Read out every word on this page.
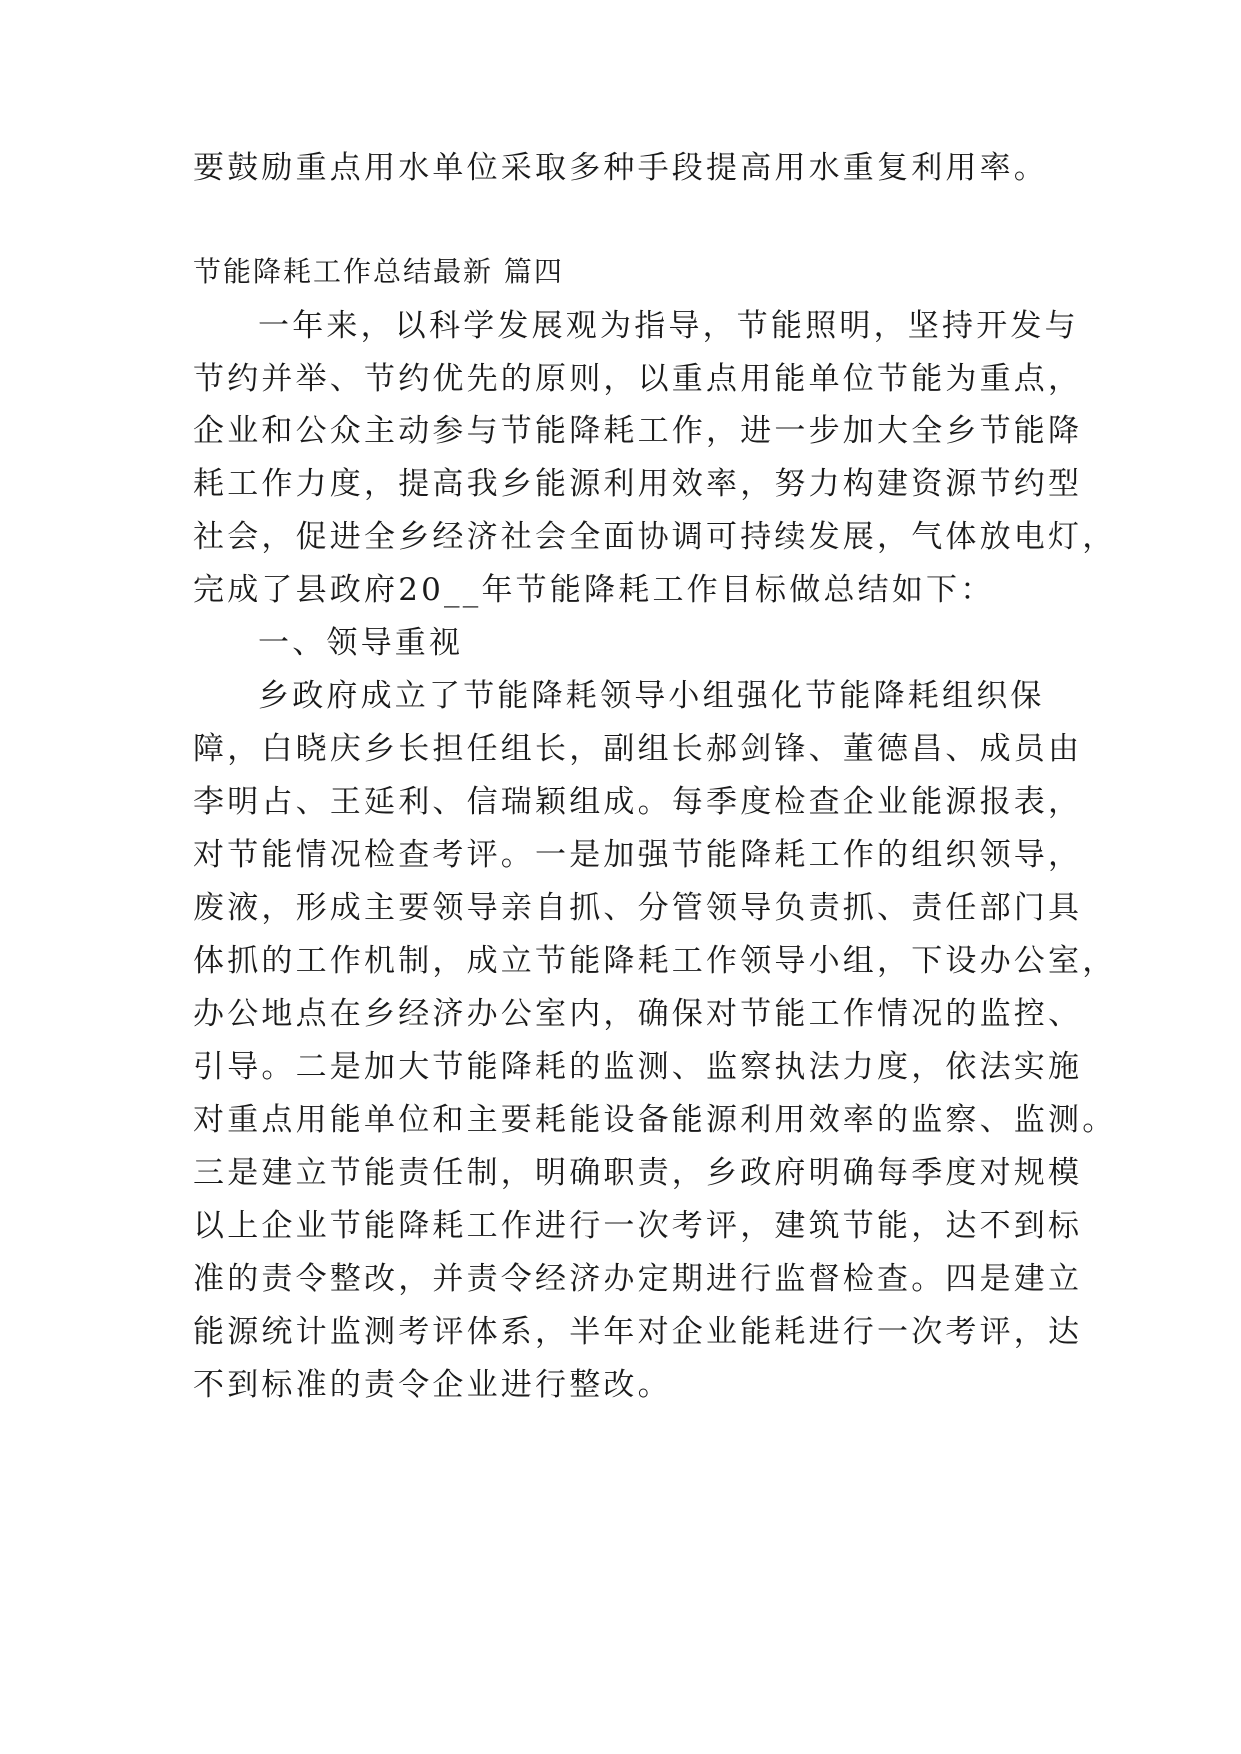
要鼓励重点用水单位采取多种手段提高用水重复利用率。
节能降耗工作总结最新 篇四
一年来，以科学发展观为指导，节能照明，坚持开发与
节约并举、节约优先的原则，以重点用能单位节能为重点，
企业和公众主动参与节能降耗工作，进一步加大全乡节能降
耗工作力度，提高我乡能源利用效率，努力构建资源节约型
社会，促进全乡经济社会全面协调可持续发展，气体放电灯，
完成了县政府20__年节能降耗工作目标做总结如下：
一、领导重视
乡政府成立了节能降耗领导小组强化节能降耗组织保
障，白晓庆乡长担任组长，副组长郝剑锋、董德昌、成员由
李明占、王延利、信瑞颖组成。每季度检查企业能源报表，
对节能情况检查考评。一是加强节能降耗工作的组织领导，
废液，形成主要领导亲自抓、分管领导负责抓、责任部门具
体抓的工作机制，成立节能降耗工作领导小组，下设办公室，
办公地点在乡经济办公室内，确保对节能工作情况的监控、
引导。二是加大节能降耗的监测、监察执法力度，依法实施
对重点用能单位和主要耗能设备能源利用效率的监察、监测。
三是建立节能责任制，明确职责，乡政府明确每季度对规模
以上企业节能降耗工作进行一次考评，建筑节能，达不到标
准的责令整改，并责令经济办定期进行监督检查。四是建立
能源统计监测考评体系，半年对企业能耗进行一次考评，达
不到标准的责令企业进行整改。
